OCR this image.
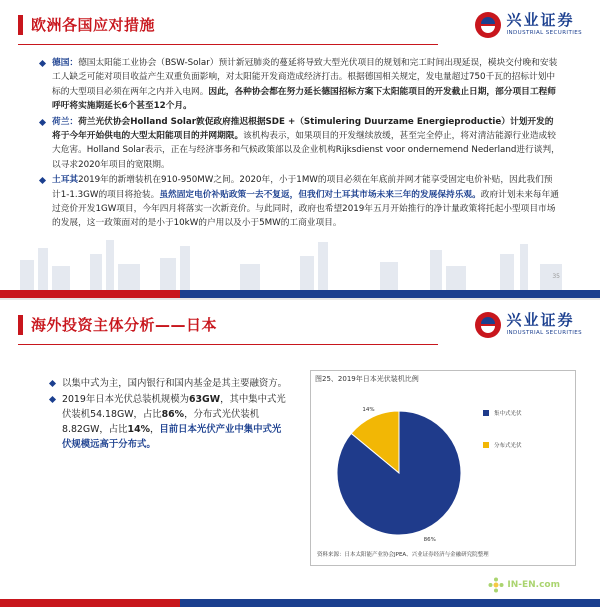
欧洲各国应对措施	兴业证券
INDUSTRIAL SECURITIES
德国：德国太阳能工业协会（BSW-Solar）预计新冠肺炎的蔓延将导致大型光伏项目的规划和完工时间出现延误，模块交付晚和安装工人缺乏可能对项目收益产生双重负面影响，对太阳能开发商造成经济打击。根据德国相关规定，发电量超过750千瓦的招标计划中标的大型项目必须在两年之内并入电网。因此，各种协会都在努力延长德国招标方案下太阳能项目的开发截止日期，部分项目工程师呼吁将实施期延长6个甚至12个月。
荷兰：荷兰光伏协会Holland Solar敦促政府推迟根据SDE +（Stimulering Duurzame Energieproductie）计划开发的将于今年开始供电的大型太阳能项目的并网期限。该机构表示，如果项目的开发继续放缓，甚至完全停止，将对清洁能源行业造成较大危害。Holland Solar表示，正在与经济事务和气候政策部以及企业机构Rijksdienst voor ondernemend Nederland进行谈判，以寻求2020年项目的宽限期。
土耳其2019年的新增装机在910-950MW之间。2020年，小于1MW的项目必须在年底前并网才能享受固定电价补贴，因此我们预计1-1.3GW的项目将抢装。虽然固定电价补贴政策一去不复返，但我们对土耳其市场未来三年的发展保持乐观。政府计划未来每年通过竞价开发1GW项目，今年四月将落实一次新竞价。与此同时，政府也希望2019年五月开始推行的净计量政策将托起小型项目市场的发展，这一政策面对的是小于10kW的户用以及小于5MW的工商业项目。
35
海外投资主体分析——日本	兴业证券
INDUSTRIAL SECURITIES
以集中式为主，国内银行和国内基金是其主要融资方。
2019年日本光伏总装机规模为63GW，其中集中式光伏装机54.18GW，占比86%，分布式光伏装机8.82GW，占比14%，目前日本光伏产业中集中式光伏规模远高于分布式。
图25、2019年日本光伏装机比例
14%
86%
集中式光伏
分布式光伏
资料来源：日本太阳能产业协会JPEA、兴业证券经济与金融研究院整理
IN-EN.com
